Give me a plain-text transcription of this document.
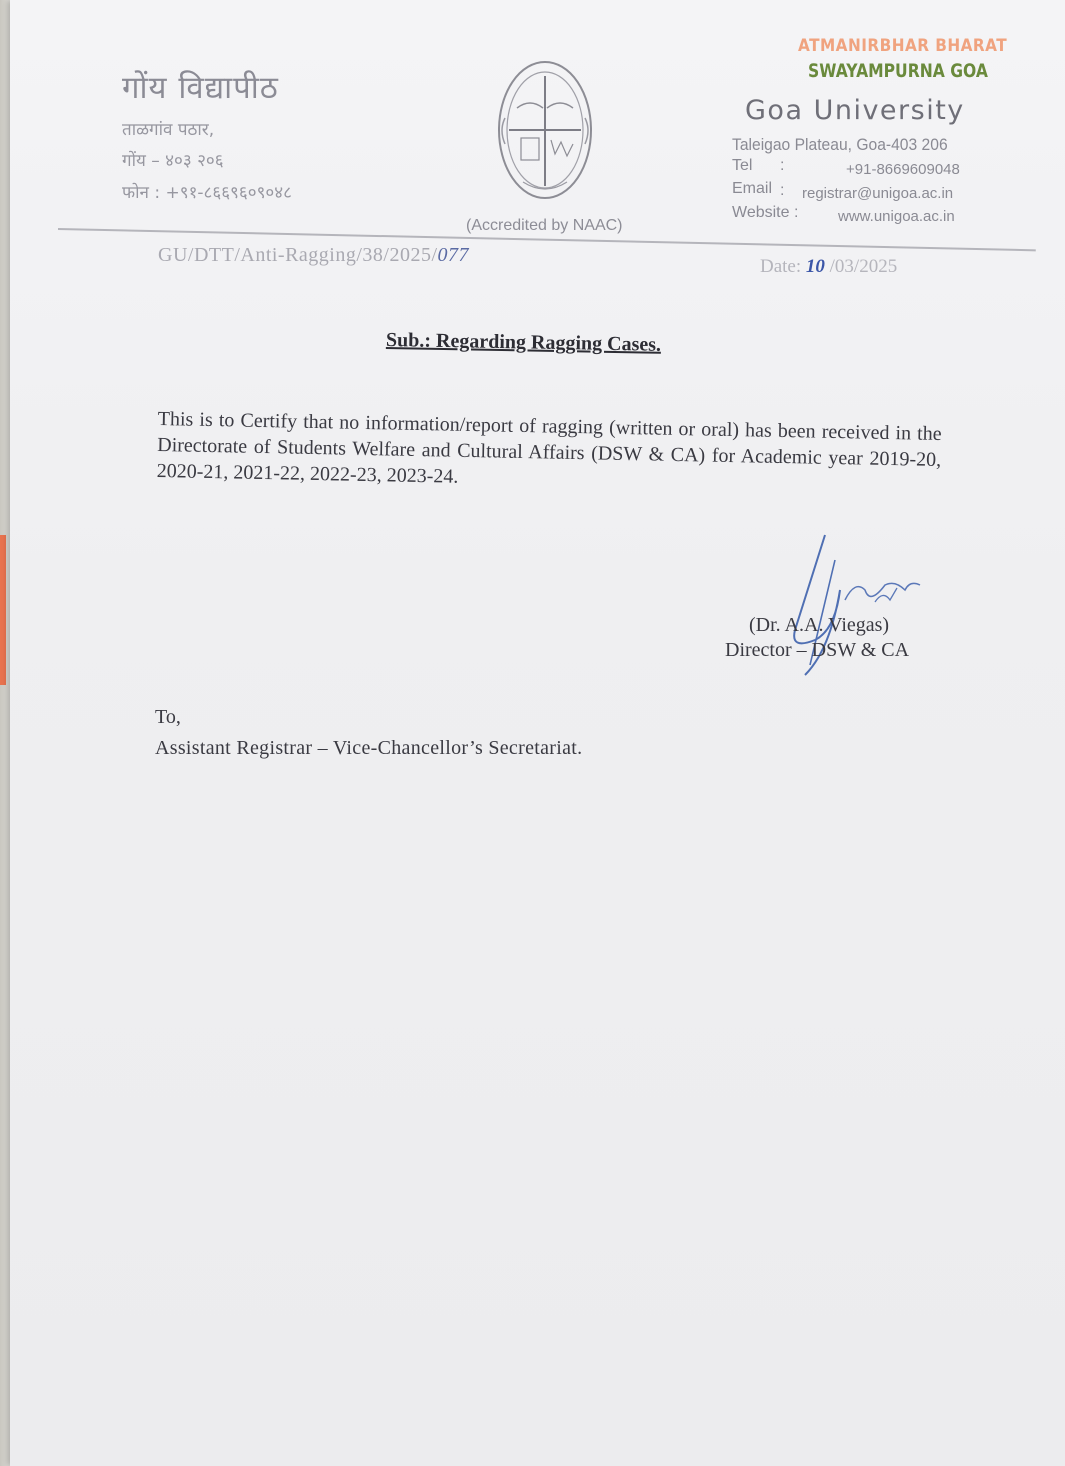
गोंय विद्यापीठ
ताळगांव पठार,
गोंय – ४०३ २०६
फोन : +९१-८६६९६०९०४८
ATMANIRBHAR BHARAT
SWAYAMPURNA GOA
Goa University
Taleigao Plateau, Goa-403 206
Tel :	+91-8669609048
Email : registrar@unigoa.ac.in
Website :	www.unigoa.ac.in
(Accredited by NAAC)
GU/DTT/Anti-Ragging/38/2025/077
Date: 10 /03/2025
Sub.: Regarding Ragging Cases.
This is to Certify that no information/report of ragging (written or oral) has been received in the Directorate of Students Welfare and Cultural Affairs (DSW & CA) for Academic year 2019-20, 2020-21, 2021-22, 2022-23, 2023-24.
(Dr. A.A. Viegas)
Director – DSW & CA
To,
Assistant Registrar – Vice-Chancellor’s Secretariat.
